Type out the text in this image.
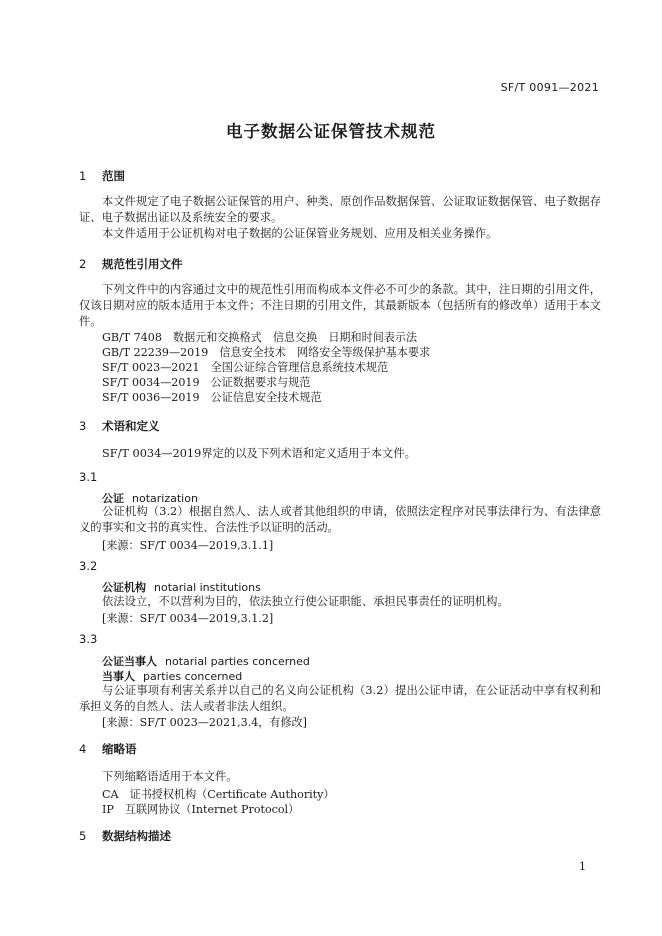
SF/T 0091—2021
电子数据公证保管技术规范
1 范围
本文件规定了电子数据公证保管的用户、种类、原创作品数据保管、公证取证数据保管、电子数据存证、电子数据出证以及系统安全的要求。
本文件适用于公证机构对电子数据的公证保管业务规划、应用及相关业务操作。
2 规范性引用文件
下列文件中的内容通过文中的规范性引用而构成本文件必不可少的条款。其中，注日期的引用文件，仅该日期对应的版本适用于本文件；不注日期的引用文件，其最新版本（包括所有的修改单）适用于本文件。
GB/T 7408　数据元和交换格式　信息交换　日期和时间表示法
GB/T 22239—2019　信息安全技术　网络安全等级保护基本要求
SF/T 0023—2021　全国公证综合管理信息系统技术规范
SF/T 0034—2019　公证数据要求与规范
SF/T 0036—2019　公证信息安全技术规范
3 术语和定义
SF/T 0034—2019界定的以及下列术语和定义适用于本文件。
3.1
公证 notarization
公证机构（3.2）根据自然人、法人或者其他组织的申请，依照法定程序对民事法律行为、有法律意义的事实和文书的真实性、合法性予以证明的活动。
[来源：SF/T 0034—2019,3.1.1]
3.2
公证机构 notarial institutions
依法设立，不以营利为目的，依法独立行使公证职能、承担民事责任的证明机构。
[来源：SF/T 0034—2019,3.1.2]
3.3
公证当事人 notarial parties concerned
当事人 parties concerned
与公证事项有利害关系并以自己的名义向公证机构（3.2）提出公证申请，在公证活动中享有权利和承担义务的自然人、法人或者非法人组织。
[来源：SF/T 0023—2021,3.4，有修改]
4 缩略语
下列缩略语适用于本文件。
CA　证书授权机构（Certificate Authority）
IP　互联网协议（Internet Protocol）
5 数据结构描述
1
